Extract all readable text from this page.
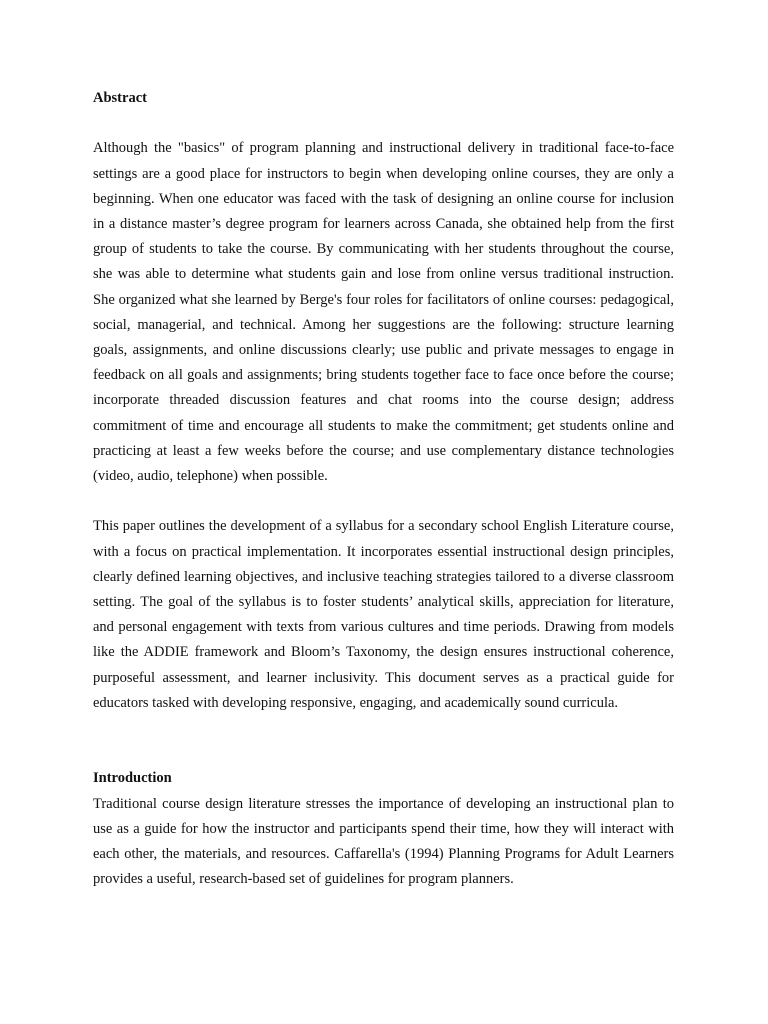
Abstract

Although the "basics" of program planning and instructional delivery in traditional face-to-face settings are a good place for instructors to begin when developing online courses, they are only a beginning. When one educator was faced with the task of designing an online course for inclusion in a distance master’s degree program for learners across Canada, she obtained help from the first group of students to take the course. By communicating with her students throughout the course, she was able to determine what students gain and lose from online versus traditional instruction. She organized what she learned by Berge's four roles for facilitators of online courses: pedagogical, social, managerial, and technical. Among her suggestions are the following: structure learning goals, assignments, and online discussions clearly; use public and private messages to engage in feedback on all goals and assignments; bring students together face to face once before the course; incorporate threaded discussion features and chat rooms into the course design; address commitment of time and encourage all students to make the commitment; get students online and practicing at least a few weeks before the course; and use complementary distance technologies (video, audio, telephone) when possible.

This paper outlines the development of a syllabus for a secondary school English Literature course, with a focus on practical implementation. It incorporates essential instructional design principles, clearly defined learning objectives, and inclusive teaching strategies tailored to a diverse classroom setting. The goal of the syllabus is to foster students’ analytical skills, appreciation for literature, and personal engagement with texts from various cultures and time periods. Drawing from models like the ADDIE framework and Bloom’s Taxonomy, the design ensures instructional coherence, purposeful assessment, and learner inclusivity. This document serves as a practical guide for educators tasked with developing responsive, engaging, and academically sound curricula.

Introduction

Traditional course design literature stresses the importance of developing an instructional plan to use as a guide for how the instructor and participants spend their time, how they will interact with each other, the materials, and resources. Caffarella's (1994) Planning Programs for Adult Learners provides a useful, research-based set of guidelines for program planners.
